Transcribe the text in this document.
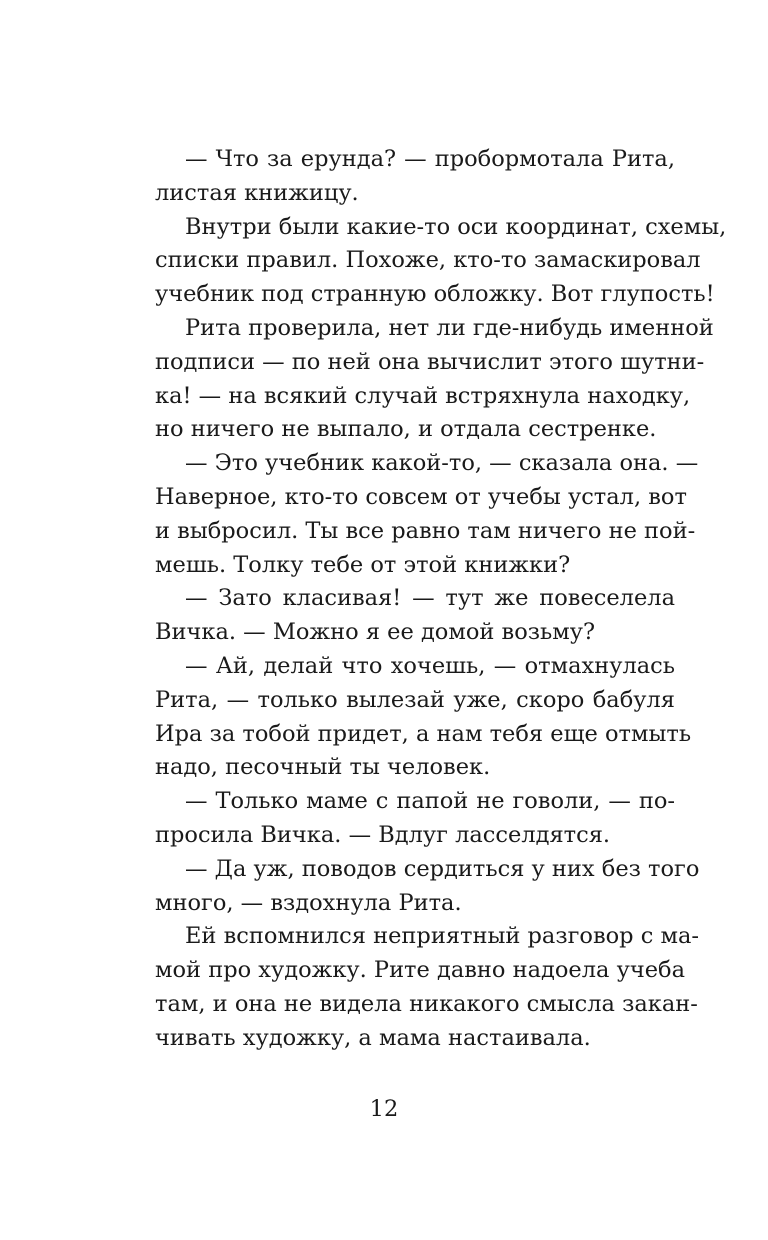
— Что за ерунда? — пробормотала Рита,
листая книжицу.
Внутри были какие-то оси координат, схемы,
списки правил. Похоже, кто-то замаскировал
учебник под странную обложку. Вот глупость!
Рита проверила, нет ли где-нибудь именной
подписи — по ней она вычислит этого шутни-
ка! — на всякий случай встряхнула находку,
но ничего не выпало, и отдала сестренке.
— Это учебник какой-то, — сказала она. —
Наверное, кто-то совсем от учебы устал, вот
и выбросил. Ты все равно там ничего не пой-
мешь. Толку тебе от этой книжки?
— Зато класивая! — тут же повеселела
Вичка. — Можно я ее домой возьму?
— Ай, делай что хочешь, — отмахнулась
Рита, — только вылезай уже, скоро бабуля
Ира за тобой придет, а нам тебя еще отмыть
надо, песочный ты человек.
— Только маме с папой не говоли, — по-
просила Вичка. — Вдлуг ласселдятся.
— Да уж, поводов сердиться у них без того
много, — вздохнула Рита.
Ей вспомнился неприятный разговор с ма-
мой про художку. Рите давно надоела учеба
там, и она не видела никакого смысла закан-
чивать художку, а мама настаивала.
12
